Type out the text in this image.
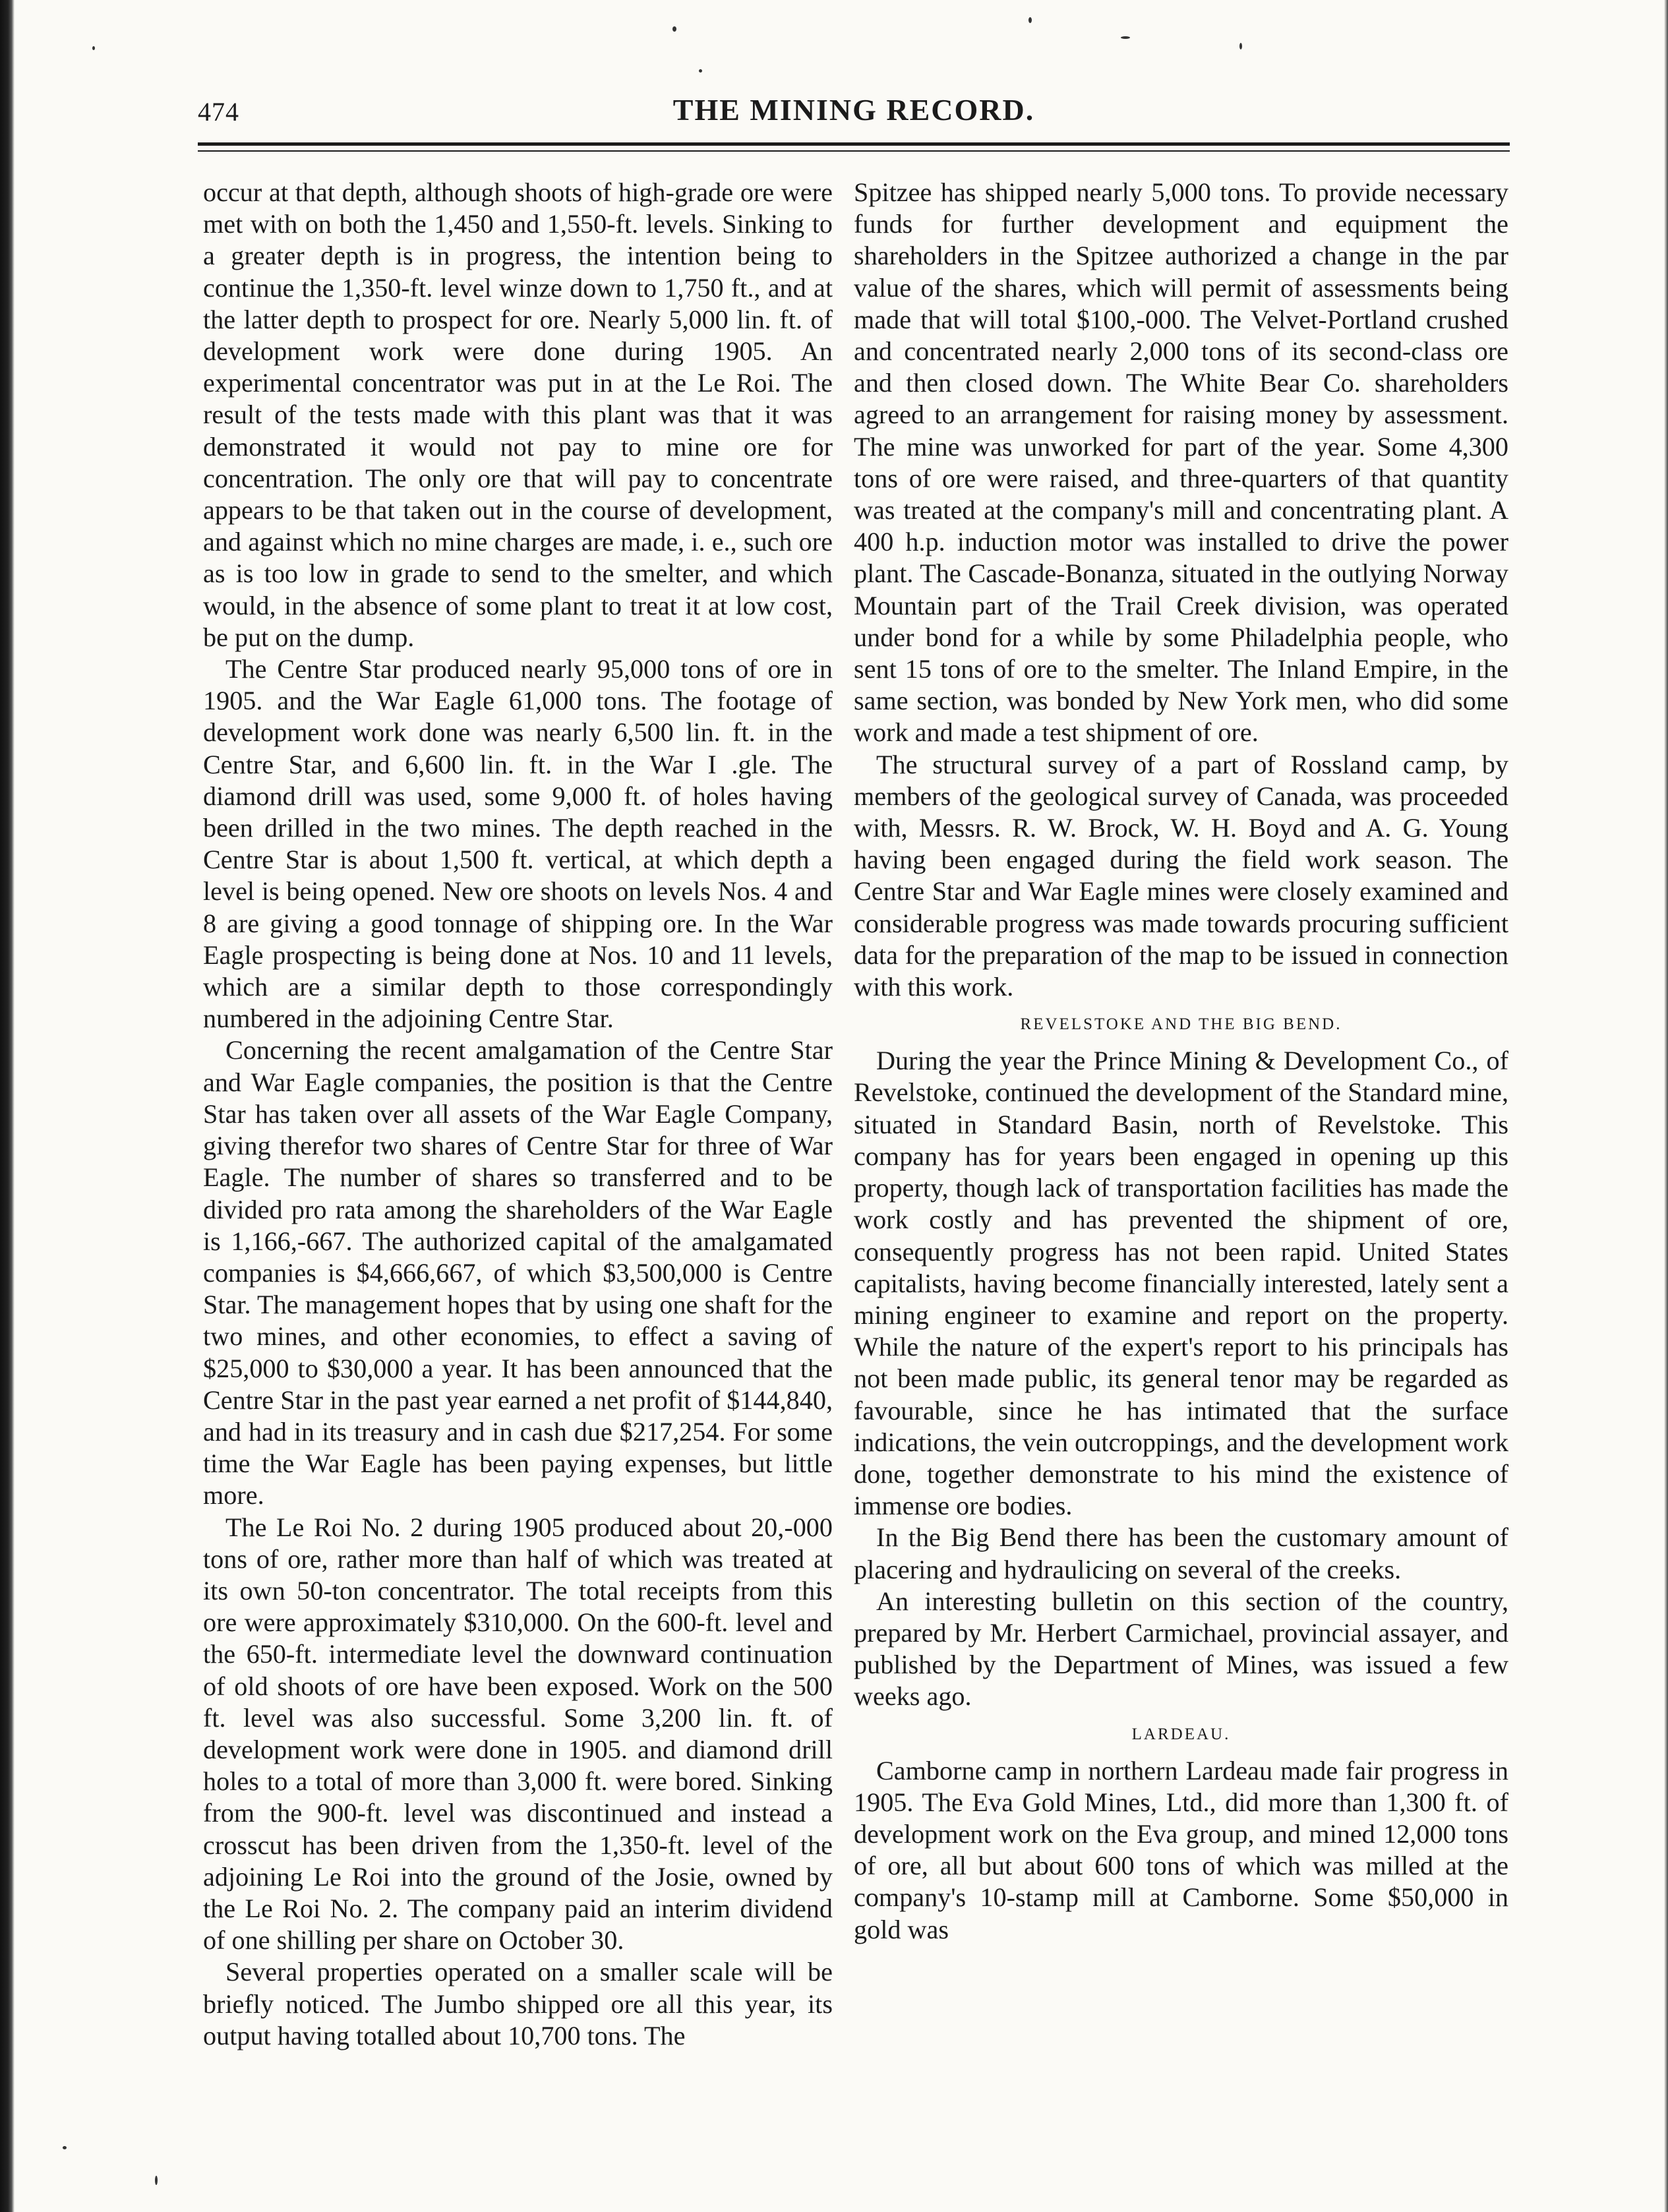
474	THE MINING RECORD.

occur at that depth, although shoots of high-grade ore were met with on both the 1,450 and 1,550-ft. levels. Sinking to a greater depth is in progress, the intention being to continue the 1,350-ft. level winze down to 1,750 ft., and at the latter depth to prospect for ore. Nearly 5,000 lin. ft. of development work were done during 1905. An experimental concentrator was put in at the Le Roi. The result of the tests made with this plant was that it was demonstrated it would not pay to mine ore for concentration. The only ore that will pay to concentrate appears to be that taken out in the course of development, and against which no mine charges are made, i. e., such ore as is too low in grade to send to the smelter, and which would, in the absence of some plant to treat it at low cost, be put on the dump.

The Centre Star produced nearly 95,000 tons of ore in 1905. and the War Eagle 61,000 tons. The footage of development work done was nearly 6,500 lin. ft. in the Centre Star, and 6,600 lin. ft. in the War I .gle. The diamond drill was used, some 9,000 ft. of holes having been drilled in the two mines. The depth reached in the Centre Star is about 1,500 ft. vertical, at which depth a level is being opened. New ore shoots on levels Nos. 4 and 8 are giving a good tonnage of shipping ore. In the War Eagle prospecting is being done at Nos. 10 and 11 levels, which are a similar depth to those correspondingly numbered in the adjoining Centre Star.

Concerning the recent amalgamation of the Centre Star and War Eagle companies, the position is that the Centre Star has taken over all assets of the War Eagle Company, giving therefor two shares of Centre Star for three of War Eagle. The number of shares so transferred and to be divided pro rata among the shareholders of the War Eagle is 1,166,-667. The authorized capital of the amalgamated companies is $4,666,667, of which $3,500,000 is Centre Star. The management hopes that by using one shaft for the two mines, and other economies, to effect a saving of $25,000 to $30,000 a year. It has been announced that the Centre Star in the past year earned a net profit of $144,840, and had in its treasury and in cash due $217,254. For some time the War Eagle has been paying expenses, but little more.

The Le Roi No. 2 during 1905 produced about 20,-000 tons of ore, rather more than half of which was treated at its own 50-ton concentrator. The total receipts from this ore were approximately $310,000. On the 600-ft. level and the 650-ft. intermediate level the downward continuation of old shoots of ore have been exposed. Work on the 500 ft. level was also successful. Some 3,200 lin. ft. of development work were done in 1905. and diamond drill holes to a total of more than 3,000 ft. were bored. Sinking from the 900-ft. level was discontinued and instead a crosscut has been driven from the 1,350-ft. level of the adjoining Le Roi into the ground of the Josie, owned by the Le Roi No. 2. The company paid an interim dividend of one shilling per share on October 30.

Several properties operated on a smaller scale will be briefly noticed. The Jumbo shipped ore all this year, its output having totalled about 10,700 tons. The

Spitzee has shipped nearly 5,000 tons. To provide necessary funds for further development and equipment the shareholders in the Spitzee authorized a change in the par value of the shares, which will permit of assessments being made that will total $100,-000. The Velvet-Portland crushed and concentrated nearly 2,000 tons of its second-class ore and then closed down. The White Bear Co. shareholders agreed to an arrangement for raising money by assessment. The mine was unworked for part of the year. Some 4,300 tons of ore were raised, and three-quarters of that quantity was treated at the company's mill and concentrating plant. A 400 h.p. induction motor was installed to drive the power plant. The Cascade-Bonanza, situated in the outlying Norway Mountain part of the Trail Creek division, was operated under bond for a while by some Philadelphia people, who sent 15 tons of ore to the smelter. The Inland Empire, in the same section, was bonded by New York men, who did some work and made a test shipment of ore.

The structural survey of a part of Rossland camp, by members of the geological survey of Canada, was proceeded with, Messrs. R. W. Brock, W. H. Boyd and A. G. Young having been engaged during the field work season. The Centre Star and War Eagle mines were closely examined and considerable progress was made towards procuring sufficient data for the preparation of the map to be issued in connection with this work.

REVELSTOKE AND THE BIG BEND.

During the year the Prince Mining & Development Co., of Revelstoke, continued the development of the Standard mine, situated in Standard Basin, north of Revelstoke. This company has for years been engaged in opening up this property, though lack of transportation facilities has made the work costly and has prevented the shipment of ore, consequently progress has not been rapid. United States capitalists, having become financially interested, lately sent a mining engineer to examine and report on the property. While the nature of the expert's report to his principals has not been made public, its general tenor may be regarded as favourable, since he has intimated that the surface indications, the vein outcroppings, and the development work done, together demonstrate to his mind the existence of immense ore bodies.

In the Big Bend there has been the customary amount of placering and hydraulicing on several of the creeks.

An interesting bulletin on this section of the country, prepared by Mr. Herbert Carmichael, provincial assayer, and published by the Department of Mines, was issued a few weeks ago.

LARDEAU.

Camborne camp in northern Lardeau made fair progress in 1905. The Eva Gold Mines, Ltd., did more than 1,300 ft. of development work on the Eva group, and mined 12,000 tons of ore, all but about 600 tons of which was milled at the company's 10-stamp mill at Camborne. Some $50,000 in gold was
